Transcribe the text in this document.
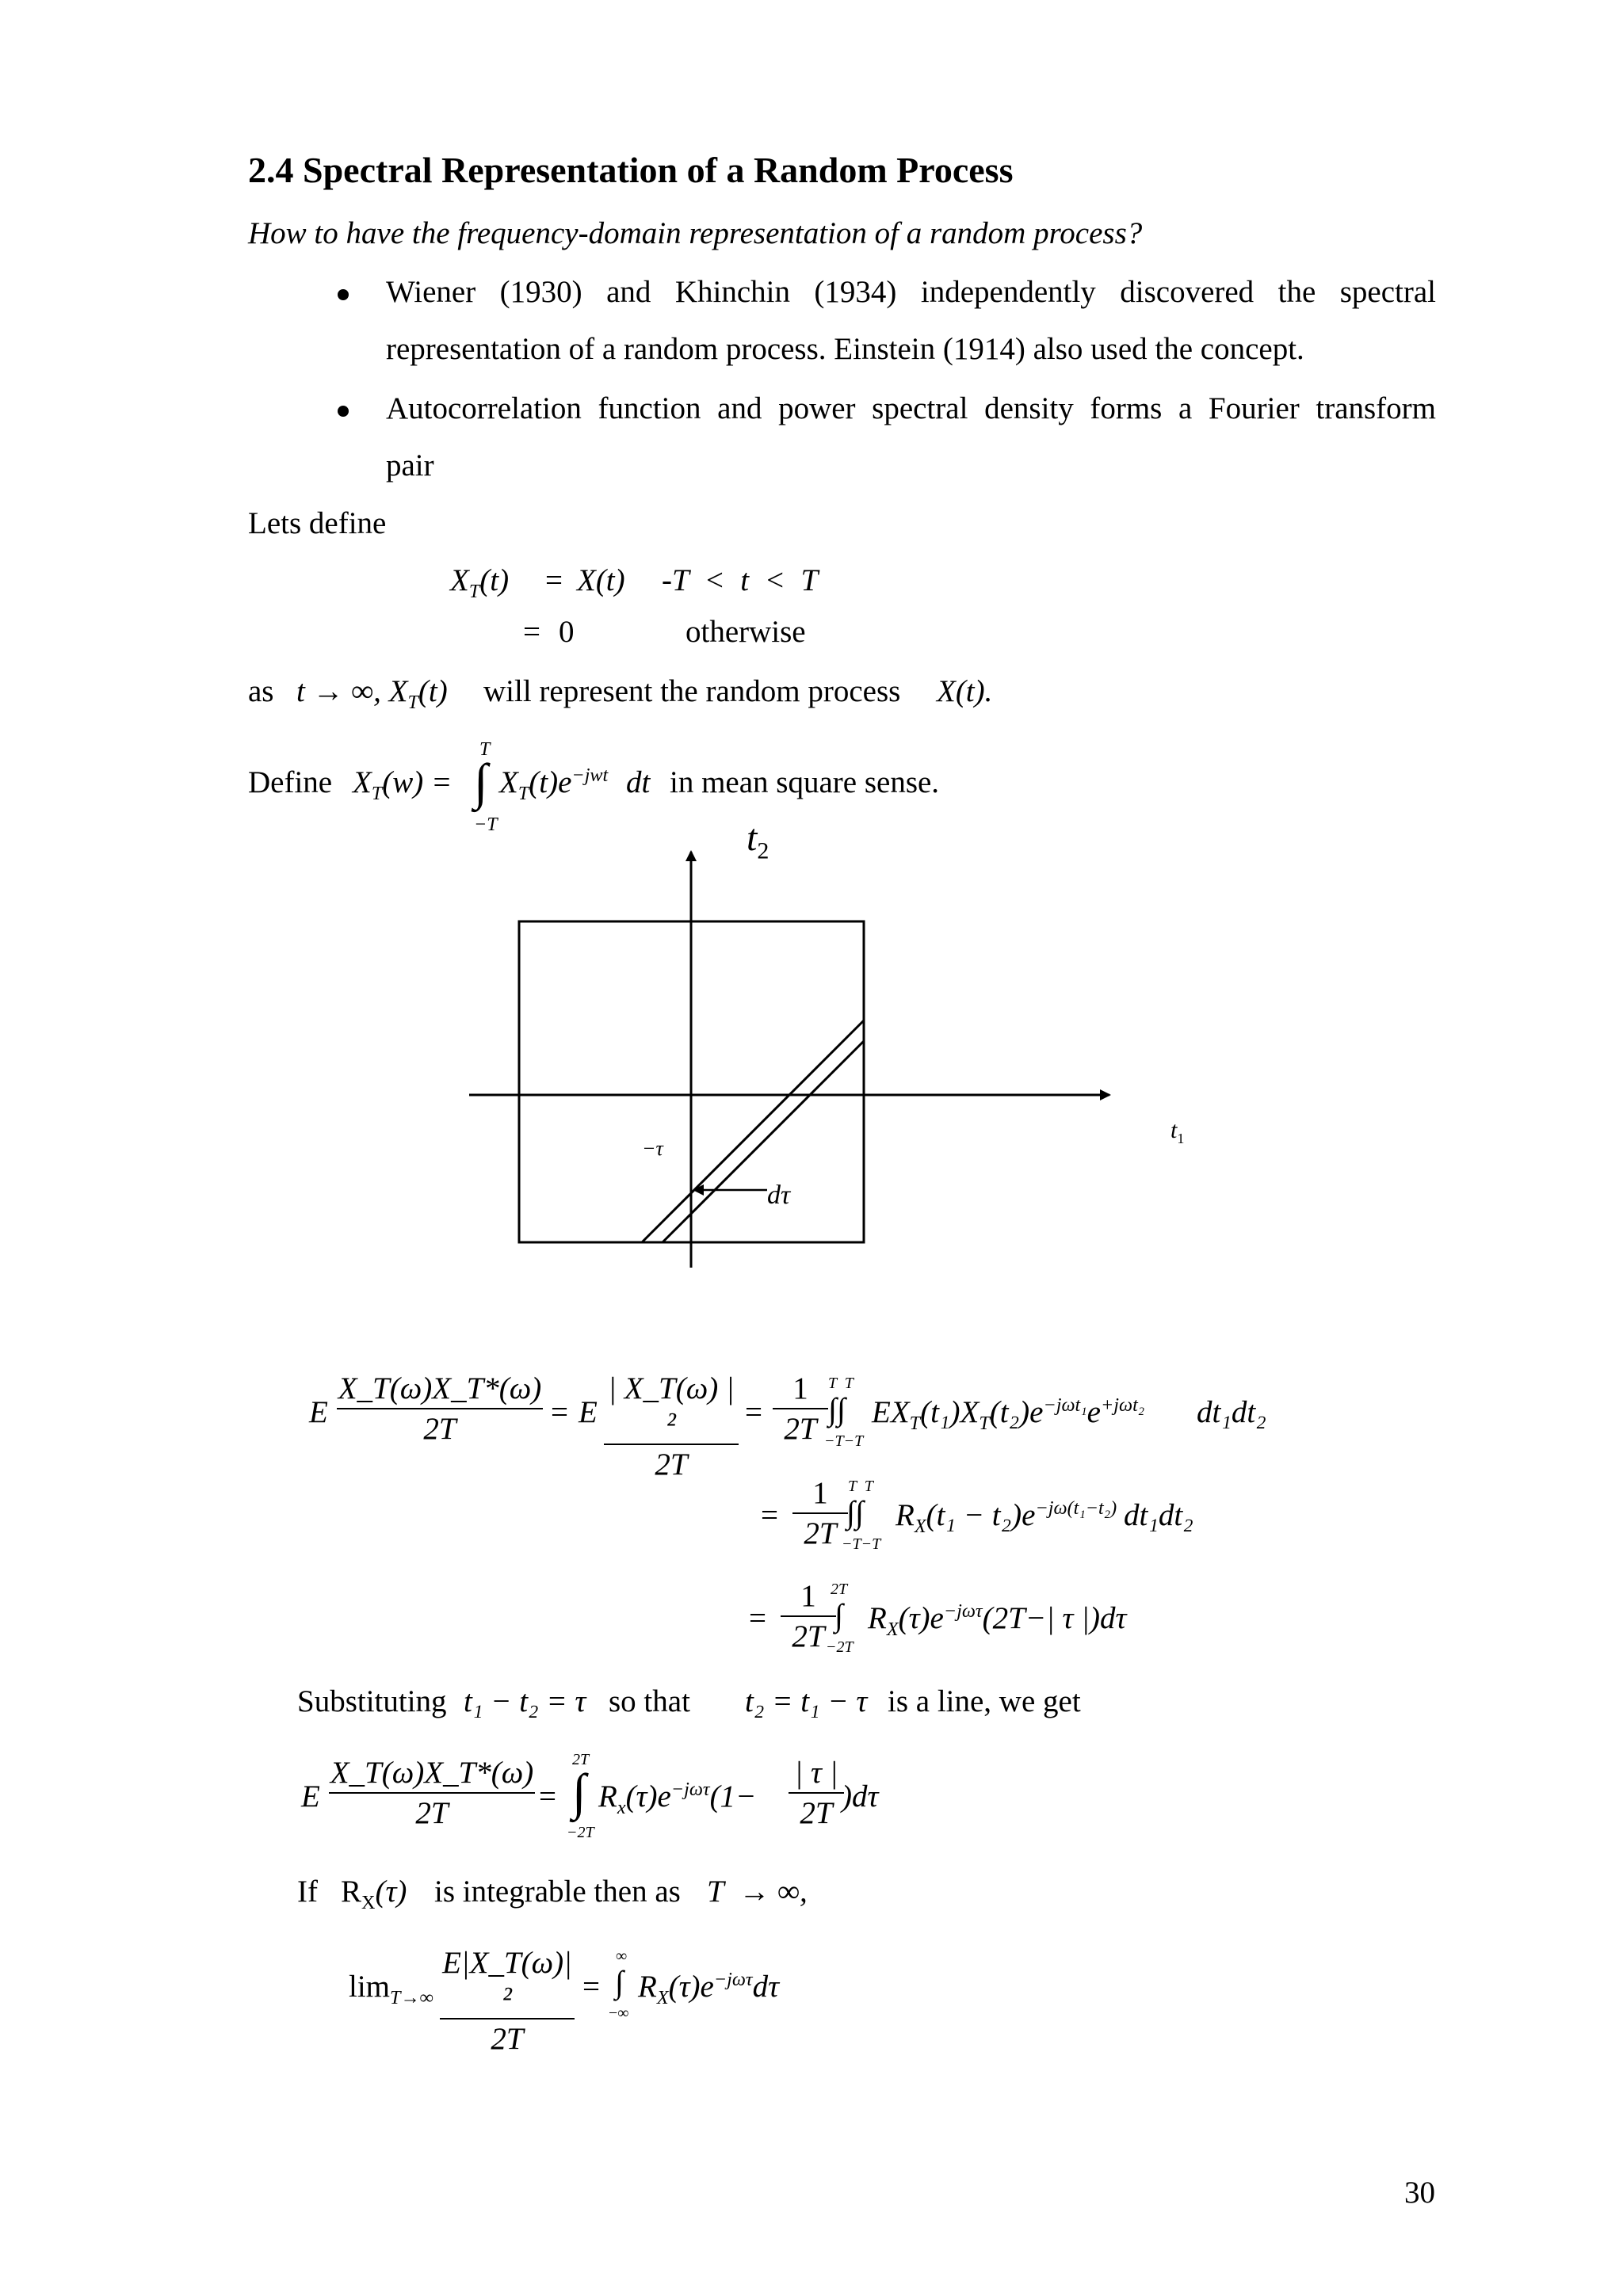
2.4 Spectral Representation of a Random Process
How to have the frequency-domain representation of a random process?
Wiener (1930) and Khinchin (1934) independently discovered the spectral
representation of a random process. Einstein (1914) also used the concept.
Autocorrelation function and power spectral density forms a Fourier transform
pair
Lets define
$X_T(t) = X(t) -T < t < T$
= 0	otherwise
as t → ∞, $X_T(t)$ will represent the random process X(t).
Define $X_T(w)$ =
T
∫
−T
$X_T(t)e^{-jwt}$ dt in mean square sense.
$t_2$
$t_1$
−τ
dτ
E
X_T(ω)X_T*(ω)
2T	= E
| X_T(ω) |²
2T
=
1
2T
T  T
∫∫
−T−T
$EX_T(t_1)X_T(t_2)e^{-j\omega t_1}e^{+j\omega t_2}$ dt₁dt₂
=
1
2T
T  T
∫∫
−T−T
$R_X(t_1 - t_2)e^{-j\omega(t_1-t_2)}$ dt₁dt₂
=
1
2T
2T
∫
−2T
$R_X(\tau)e^{-j\omega\tau}(2T-|$ τ |)dτ
Substituting t₁ − t₂ = τ so that t₂ = t₁ − τ is a line, we get
E
X_T(ω)X_T*(ω)
2T	=
2T
∫
−2T
$R_x(\tau)e^{-j\omega\tau}(1-$
| τ |
2T )dτ
If $R_X(\tau)$ is integrable then as T  → ∞,
$\lim_{T\to\infty}$
E|X_T(ω)|²
2T
=
∞
∫
−∞
$R_X(\tau)e^{-j\omega\tau}d\tau$
30
